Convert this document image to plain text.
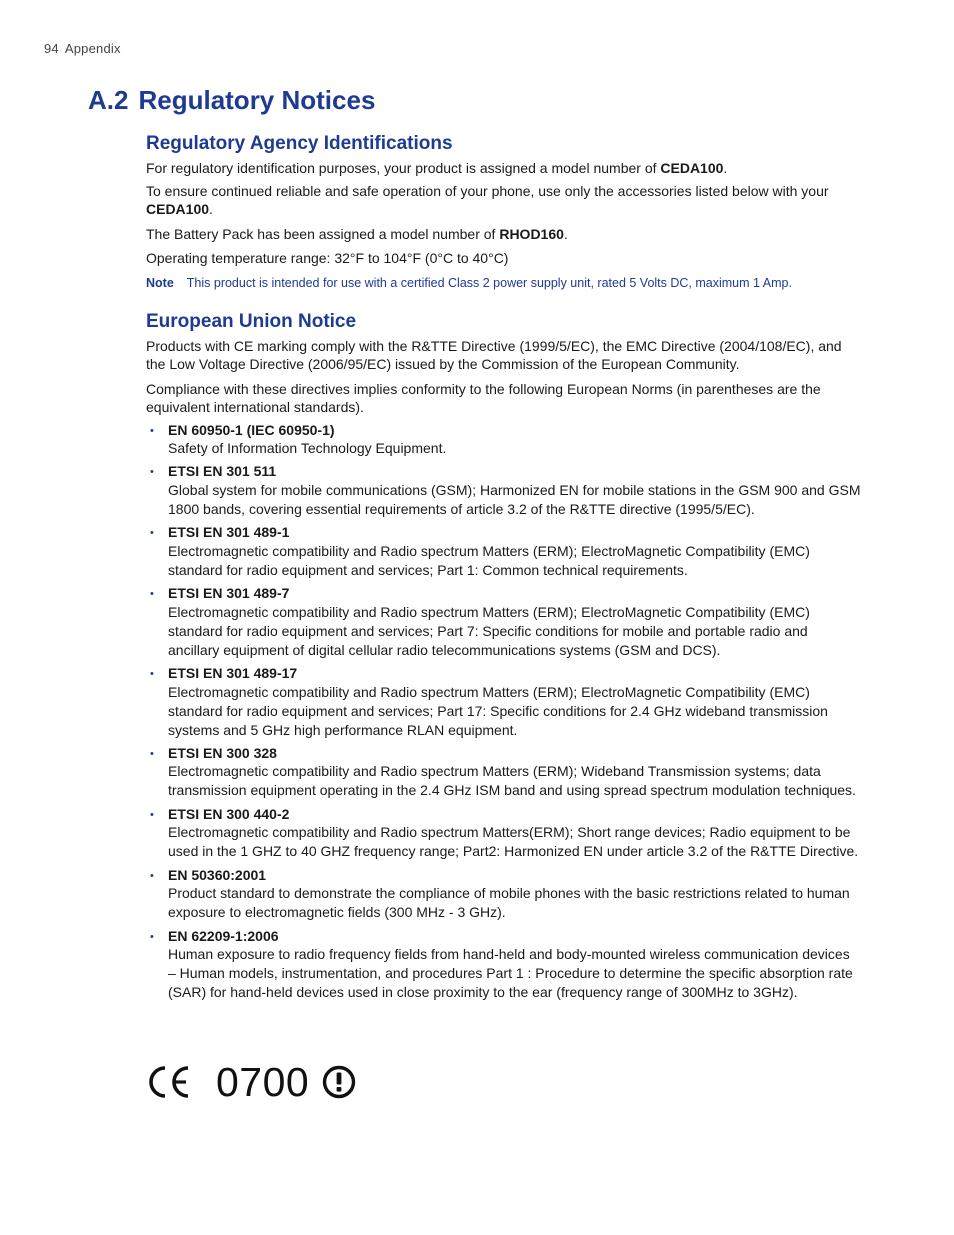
94 Appendix
A.2 Regulatory Notices
Regulatory Agency Identifications

For regulatory identification purposes, your product is assigned a model number of CEDA100.

To ensure continued reliable and safe operation of your phone, use only the accessories listed below with your CEDA100.

The Battery Pack has been assigned a model number of RHOD160.

Operating temperature range: 32°F to 104°F (0°C to 40°C)

Note This product is intended for use with a certified Class 2 power supply unit, rated 5 Volts DC, maximum 1 Amp.
European Union Notice

Products with CE marking comply with the R&TTE Directive (1999/5/EC), the EMC Directive (2004/108/EC), and the Low Voltage Directive (2006/95/EC) issued by the Commission of the European Community.

Compliance with these directives implies conformity to the following European Norms (in parentheses are the equivalent international standards).

• EN 60950-1 (IEC 60950-1)
Safety of Information Technology Equipment.
• ETSI EN 301 511
Global system for mobile communications (GSM); Harmonized EN for mobile stations in the GSM 900 and GSM 1800 bands, covering essential requirements of article 3.2 of the R&TTE directive (1995/5/EC).
• ETSI EN 301 489-1
Electromagnetic compatibility and Radio spectrum Matters (ERM); ElectroMagnetic Compatibility (EMC) standard for radio equipment and services; Part 1: Common technical requirements.
• ETSI EN 301 489-7
Electromagnetic compatibility and Radio spectrum Matters (ERM); ElectroMagnetic Compatibility (EMC) standard for radio equipment and services; Part 7: Specific conditions for mobile and portable radio and ancillary equipment of digital cellular radio telecommunications systems (GSM and DCS).
• ETSI EN 301 489-17
Electromagnetic compatibility and Radio spectrum Matters (ERM); ElectroMagnetic Compatibility (EMC) standard for radio equipment and services; Part 17: Specific conditions for 2.4 GHz wideband transmission systems and 5 GHz high performance RLAN equipment.
• ETSI EN 300 328
Electromagnetic compatibility and Radio spectrum Matters (ERM); Wideband Transmission systems; data transmission equipment operating in the 2.4 GHz ISM band and using spread spectrum modulation techniques.
• ETSI EN 300 440-2
Electromagnetic compatibility and Radio spectrum Matters(ERM); Short range devices; Radio equipment to be used in the 1 GHZ to 40 GHZ frequency range; Part2: Harmonized EN under article 3.2 of the R&TTE Directive.
• EN 50360:2001
Product standard to demonstrate the compliance of mobile phones with the basic restrictions related to human exposure to electromagnetic fields (300 MHz - 3 GHz).
• EN 62209-1:2006
Human exposure to radio frequency fields from hand-held and body-mounted wireless communication devices – Human models, instrumentation, and procedures Part 1 : Procedure to determine the specific absorption rate (SAR) for hand-held devices used in close proximity to the ear (frequency range of 300MHz to 3GHz).
0700
